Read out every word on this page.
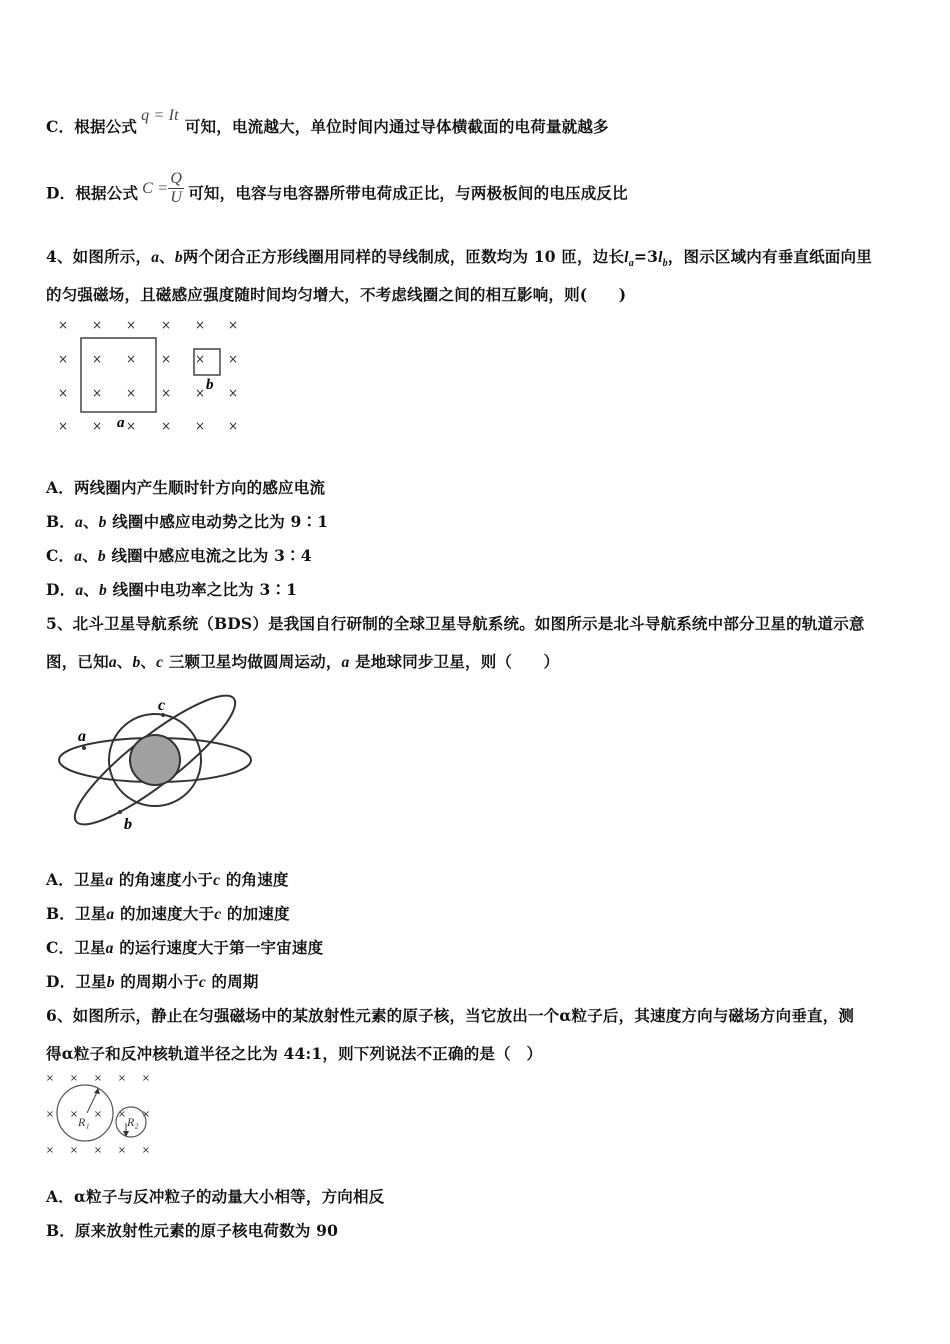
C．根据公式q = It可知，电流越大，单位时间内通过导体横截面的电荷量就越多
D．根据公式 $C = \frac{Q}{U}$ 可知，电容与电容器所带电荷成正比，与两极板间的电压成反比
4、如图所示，a、b两个闭合正方形线圈用同样的导线制成，匝数均为 10 匝，边长$l_a=3l_b$，图示区域内有垂直纸面向里
的匀强磁场，且磁感应强度随时间均匀增大，不考虑线圈之间的相互影响，则(　　)
× × × × × ×
× × × × × ×
× × × × × ×
× × × × × ×
a
b
A．两线圈内产生顺时针方向的感应电流
B．a、b 线圈中感应电动势之比为 9∶1
C．a、b 线圈中感应电流之比为 3∶4
D．a、b 线圈中电功率之比为 3∶1
5、北斗卫星导航系统（BDS）是我国自行研制的全球卫星导航系统。如图所示是北斗导航系统中部分卫星的轨道示意
图，已知a、b、c 三颗卫星均做圆周运动，a 是地球同步卫星，则（　　）
a
c
b
A．卫星a 的角速度小于c 的角速度
B．卫星a 的加速度大于c 的加速度
C．卫星a 的运行速度大于第一宇宙速度
D．卫星b 的周期小于c 的周期
6、如图所示，静止在匀强磁场中的某放射性元素的原子核，当它放出一个α粒子后，其速度方向与磁场方向垂直，测
得α粒子和反冲核轨道半径之比为 44:1，则下列说法不正确的是（　）
× × × × ×
× × × × ×
× × × × ×
R₁	R₂
A．α粒子与反冲粒子的动量大小相等，方向相反
B．原来放射性元素的原子核电荷数为 90
